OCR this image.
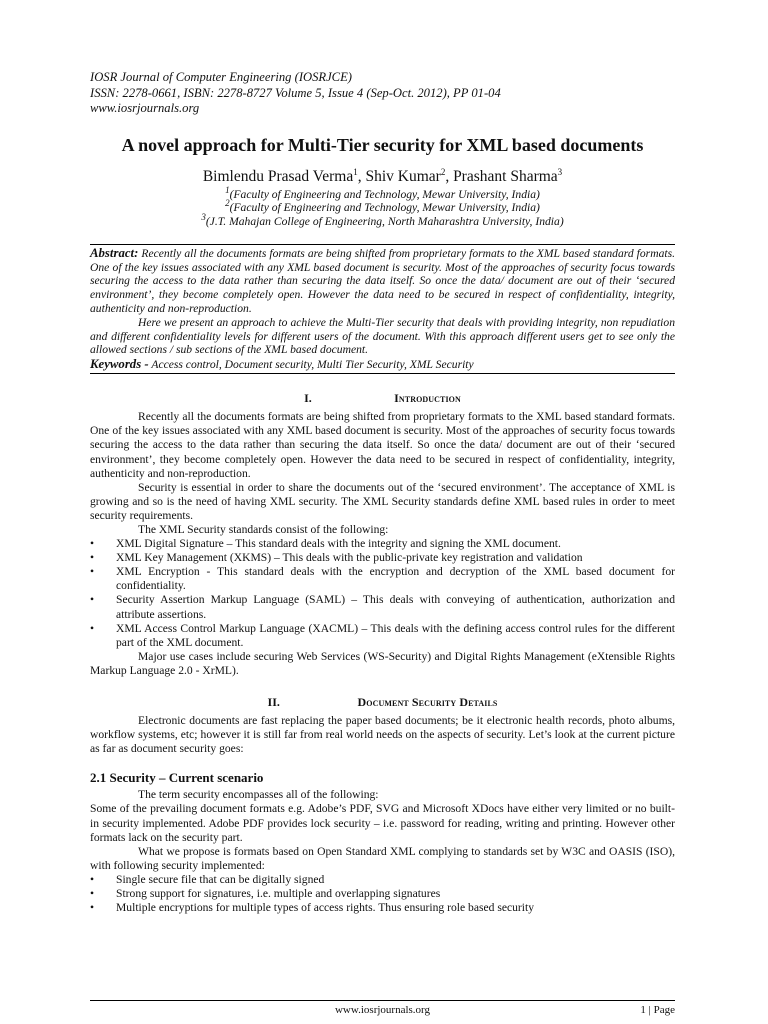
IOSR Journal of Computer Engineering (IOSRJCE)
ISSN: 2278-0661, ISBN: 2278-8727 Volume 5, Issue 4 (Sep-Oct. 2012), PP 01-04
www.iosrjournals.org
A novel approach for Multi-Tier security for XML based documents
Bimlendu Prasad Verma$^1$, Shiv Kumar$^2$, Prashant Sharma$^3$
$^1$(Faculty of Engineering and Technology, Mewar University, India)
$^2$(Faculty of Engineering and Technology, Mewar University, India)
$^3$(J.T. Mahajan College of Engineering, North Maharashtra University, India)

Abstract: Recently all the documents formats are being shifted from proprietary formats to the XML based standard formats. One of the key issues associated with any XML based document is security. Most of the approaches of security focus towards securing the access to the data rather than securing the data itself. So once the data/ document are out of their ‘secured environment’, they become completely open. However the data need to be secured in respect of confidentiality, integrity, authenticity and non-reproduction.

Here we present an approach to achieve the Multi-Tier security that deals with providing integrity, non repudiation and different confidentiality levels for different users of the document. With this approach different users get to see only the allowed sections / sub sections of the XML based document.

Keywords - Access control, Document security, Multi Tier Security, XML Security
I.	Introduction

Recently all the documents formats are being shifted from proprietary formats to the XML based standard formats. One of the key issues associated with any XML based document is security. Most of the approaches of security focus towards securing the access to the data rather than securing the data itself. So once the data/ document are out of their ‘secured environment’, they become completely open. However the data need to be secured in respect of confidentiality, integrity, authenticity and non-reproduction.

Security is essential in order to share the documents out of the ‘secured environment’. The acceptance of XML is growing and so is the need of having XML security. The XML Security standards define XML based rules in order to meet security requirements.

The XML Security standards consist of the following:

• XML Digital Signature – This standard deals with the integrity and signing the XML document.
• XML Key Management (XKMS) – This deals with the public-private key registration and validation
• XML Encryption - This standard deals with the encryption and decryption of the XML based document for confidentiality.
• Security Assertion Markup Language (SAML) – This deals with conveying of authentication, authorization and attribute assertions.
• XML Access Control Markup Language (XACML) – This deals with the defining access control rules for the different part of the XML document.

Major use cases include securing Web Services (WS-Security) and Digital Rights Management (eXtensible Rights Markup Language 2.0 - XrML).

II.	Document Security Details

Electronic documents are fast replacing the paper based documents; be it electronic health records, photo albums, workflow systems, etc; however it is still far from real world needs on the aspects of security. Let’s look at the current picture as far as document security goes:

2.1 Security – Current scenario

The term security encompasses all of the following:

Some of the prevailing document formats e.g. Adobe’s PDF, SVG and Microsoft XDocs have either very limited or no built-in security implemented. Adobe PDF provides lock security – i.e. password for reading, writing and printing. However other formats lack on the security part.

What we propose is formats based on Open Standard XML complying to standards set by W3C and OASIS (ISO), with following security implemented:

• Single secure file that can be digitally signed
• Strong support for signatures, i.e. multiple and overlapping signatures
• Multiple encryptions for multiple types of access rights. Thus ensuring role based security
www.iosrjournals.org	1 | Page
